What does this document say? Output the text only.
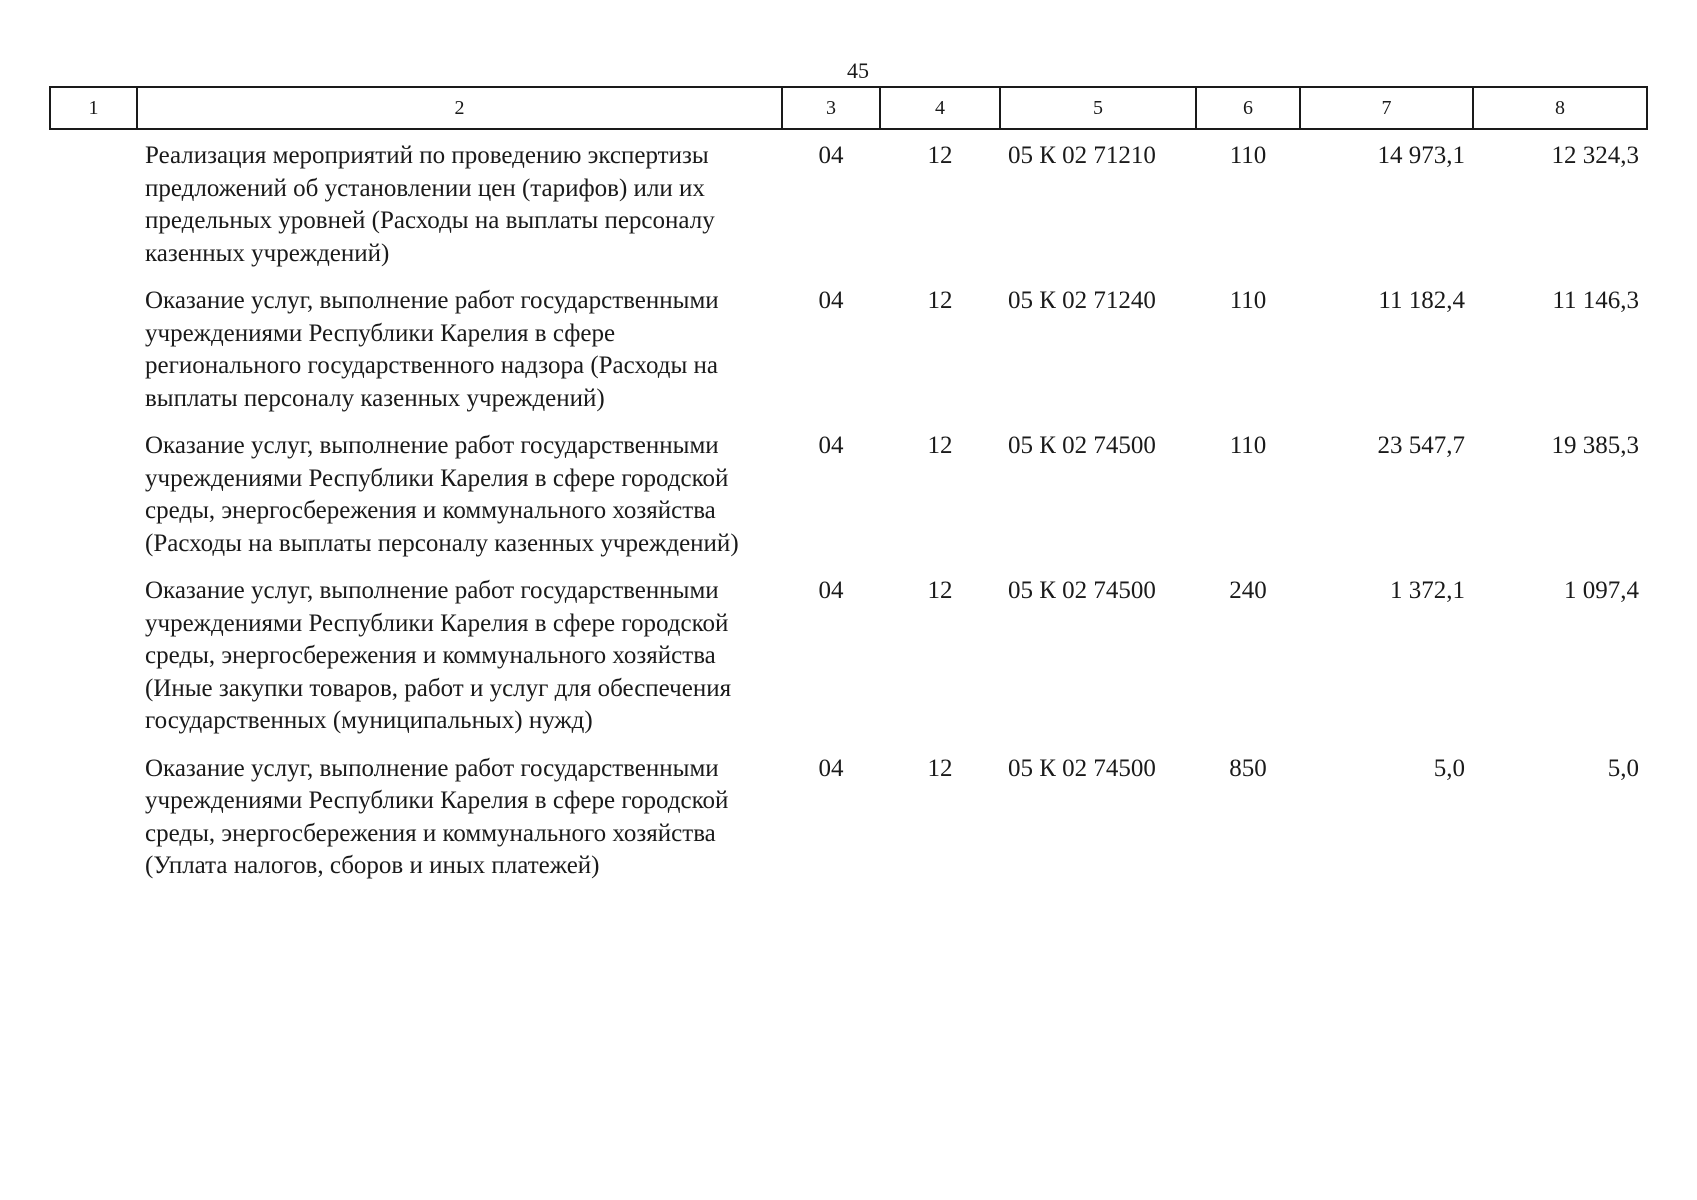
45
1	2	3	4	5	6	7	8
	Реализация мероприятий по проведению экспертизы предложений об установлении цен (тарифов) или их предельных уровней (Расходы на выплаты персоналу казенных учреждений)	04	12	05 К 02 71210	110	14 973,1	12 324,3
	Оказание услуг, выполнение работ государственными учреждениями Республики Карелия в сфере регионального государственного надзора (Расходы на выплаты персоналу казенных учреждений)	04	12	05 К 02 71240	110	11 182,4	11 146,3
	Оказание услуг, выполнение работ государственными учреждениями Республики Карелия в сфере городской среды, энергосбережения и коммунального хозяйства (Расходы на выплаты персоналу казенных учреждений)	04	12	05 К 02 74500	110	23 547,7	19 385,3
	Оказание услуг, выполнение работ государственными учреждениями Республики Карелия в сфере городской среды, энергосбережения и коммунального хозяйства (Иные закупки товаров, работ и услуг для обеспечения государственных (муниципальных) нужд)	04	12	05 К 02 74500	240	1 372,1	1 097,4
	Оказание услуг, выполнение работ государственными учреждениями Республики Карелия в сфере городской среды, энергосбережения и коммунального хозяйства (Уплата налогов, сборов и иных платежей)	04	12	05 К 02 74500	850	5,0	5,0
